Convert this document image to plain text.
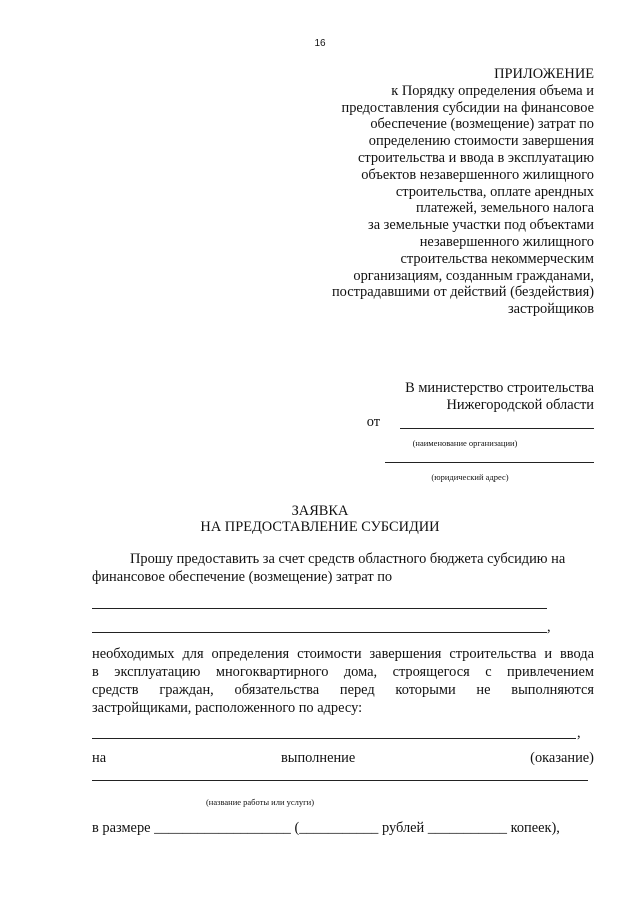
16
ПРИЛОЖЕНИЕ
к Порядку определения объема и
предоставления субсидии на финансовое
обеспечение (возмещение) затрат по
определению стоимости завершения
строительства и ввода в эксплуатацию
объектов незавершенного жилищного
строительства, оплате арендных
платежей, земельного налога
за земельные участки под объектами
незавершенного жилищного
строительства некоммерческим
организациям, созданным гражданами,
пострадавшими от действий (бездействия)
застройщиков
В министерство строительства
Нижегородской области
от
(наименование организации)
(юридический адрес)
ЗАЯВКА
НА ПРЕДОСТАВЛЕНИЕ СУБСИДИИ
Прошу предоставить за счет средств областного бюджета субсидию на
финансовое обеспечение (возмещение) затрат по
,
необходимых для определения стоимости завершения строительства и ввода
в эксплуатацию многоквартирного дома, строящегося с привлечением
средств граждан, обязательства перед которыми не выполняются
застройщиками, расположенного по адресу:
,
на	выполнение	(оказание)
(название работы или услуги)
в размере ___________________ (___________ рублей ___________ копеек),
